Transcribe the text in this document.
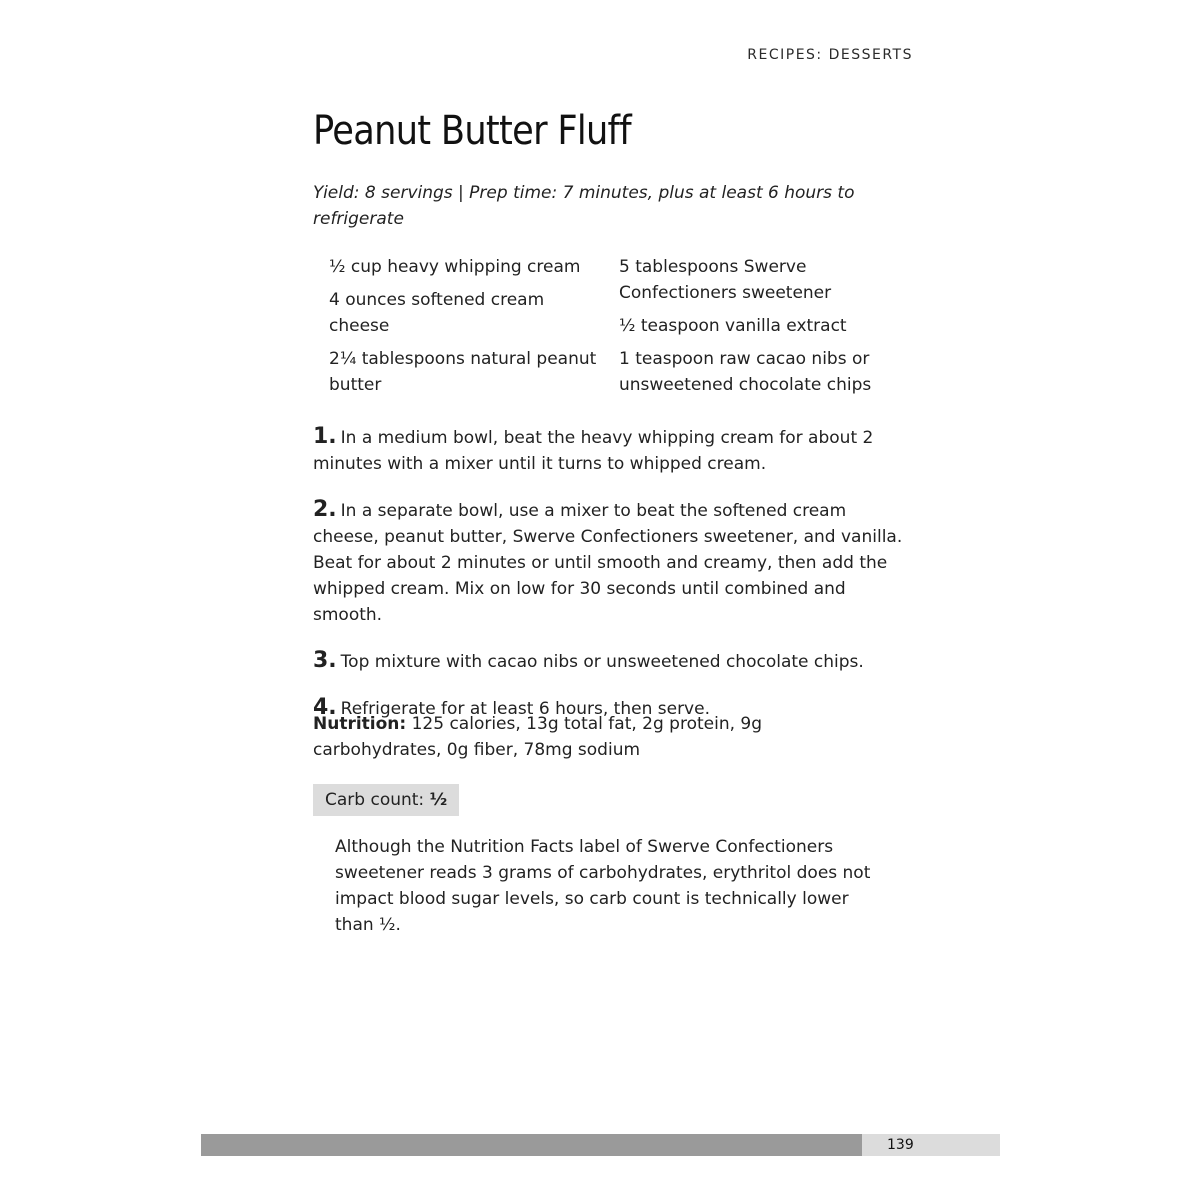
RECIPES: DESSERTS
Peanut Butter Fluff
Yield: 8 servings | Prep time: 7 minutes, plus at least 6 hours to refrigerate
½ cup heavy whipping cream
4 ounces softened cream cheese
2¼ tablespoons natural peanut butter
5 tablespoons Swerve Confectioners sweetener
½ teaspoon vanilla extract
1 teaspoon raw cacao nibs or unsweetened chocolate chips
1. In a medium bowl, beat the heavy whipping cream for about 2 minutes with a mixer until it turns to whipped cream.
2. In a separate bowl, use a mixer to beat the softened cream cheese, peanut butter, Swerve Confectioners sweetener, and vanilla. Beat for about 2 minutes or until smooth and creamy, then add the whipped cream. Mix on low for 30 seconds until combined and smooth.
3. Top mixture with cacao nibs or unsweetened chocolate chips.
4. Refrigerate for at least 6 hours, then serve.
Nutrition: 125 calories, 13g total fat, 2g protein, 9g carbohydrates, 0g fiber, 78mg sodium
Carb count: ½
Although the Nutrition Facts label of Swerve Confectioners sweetener reads 3 grams of carbohydrates, erythritol does not impact blood sugar levels, so carb count is technically lower than ½.
139
